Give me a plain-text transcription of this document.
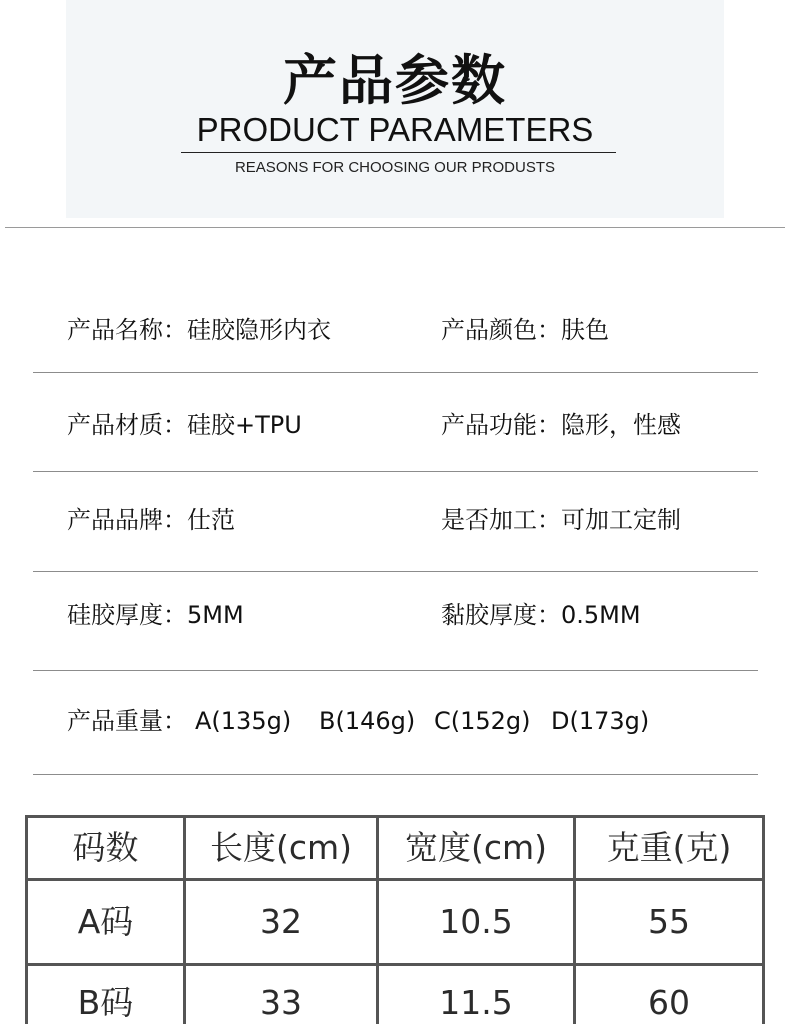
产品参数
PRODUCT PARAMETERS
REASONS FOR CHOOSING OUR PRODUSTS
产品名称：硅胶隐形内衣	产品颜色：肤色
产品材质：硅胶+TPU	产品功能：隐形，性感
产品品牌：仕范	是否加工：可加工定制
硅胶厚度：5MM	黏胶厚度：0.5MM
产品重量： A(135g) B(146g) C(152g) D(173g)
码数	长度(cm)	宽度(cm)	克重(克)
A码	32	10.5	55
B码	33	11.5	60
